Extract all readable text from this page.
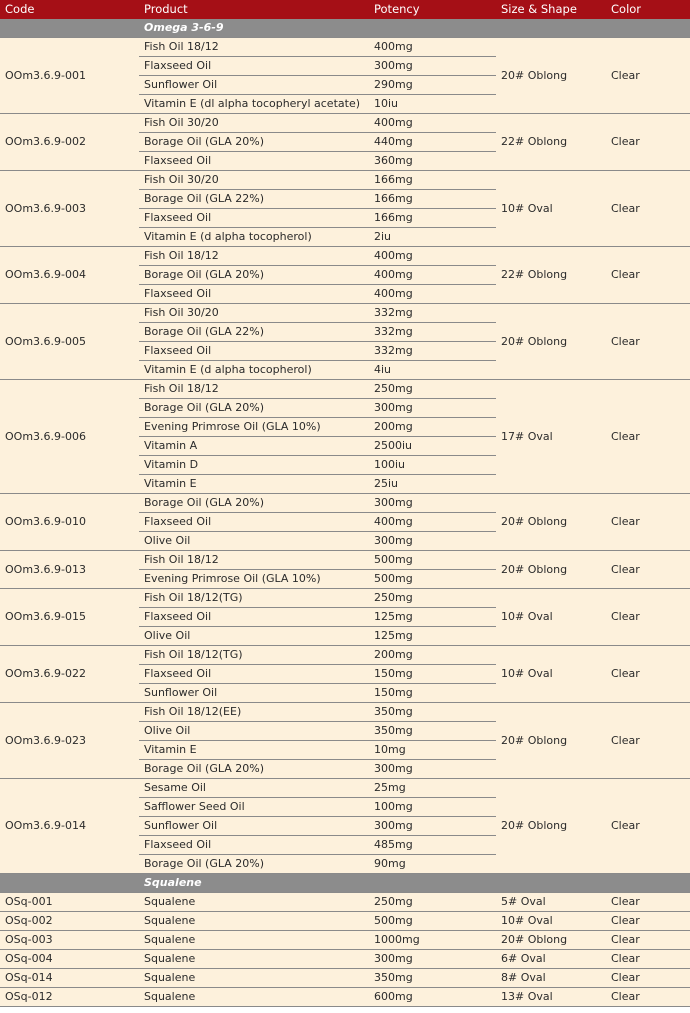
Code	Product	Potency	Size & Shape	Color
	Omega 3-6-9			
OOm3.6.9-001	Fish Oil 18/12	400mg	20# Oblong	Clear
	Flaxseed Oil	300mg		
	Sunflower Oil	290mg		
	Vitamin E (dl alpha tocopheryl acetate)	10iu		
OOm3.6.9-002	Fish Oil 30/20	400mg	22# Oblong	Clear
	Borage Oil (GLA 20%)	440mg		
	Flaxseed Oil	360mg		
OOm3.6.9-003	Fish Oil 30/20	166mg	10# Oval	Clear
	Borage Oil (GLA 22%)	166mg		
	Flaxseed Oil	166mg		
	Vitamin E (d alpha tocopherol)	2iu		
OOm3.6.9-004	Fish Oil 18/12	400mg	22# Oblong	Clear
	Borage Oil (GLA 20%)	400mg		
	Flaxseed Oil	400mg		
OOm3.6.9-005	Fish Oil 30/20	332mg	20# Oblong	Clear
	Borage Oil (GLA 22%)	332mg		
	Flaxseed Oil	332mg		
	Vitamin E (d alpha tocopherol)	4iu		
OOm3.6.9-006	Fish Oil 18/12	250mg	17# Oval	Clear
	Borage Oil (GLA 20%)	300mg		
	Evening Primrose Oil (GLA 10%)	200mg		
	Vitamin A	2500iu		
	Vitamin D	100iu		
	Vitamin E	25iu		
OOm3.6.9-010	Borage Oil (GLA 20%)	300mg	20# Oblong	Clear
	Flaxseed Oil	400mg		
	Olive Oil	300mg		
OOm3.6.9-013	Fish Oil 18/12	500mg	20# Oblong	Clear
	Evening Primrose Oil (GLA 10%)	500mg		
OOm3.6.9-015	Fish Oil 18/12(TG)	250mg	10# Oval	Clear
	Flaxseed Oil	125mg		
	Olive Oil	125mg		
OOm3.6.9-022	Fish Oil 18/12(TG)	200mg	10# Oval	Clear
	Flaxseed Oil	150mg		
	Sunflower Oil	150mg		
OOm3.6.9-023	Fish Oil 18/12(EE)	350mg	20# Oblong	Clear
	Olive Oil	350mg		
	Vitamin E	10mg		
	Borage Oil (GLA 20%)	300mg		
OOm3.6.9-014	Sesame Oil	25mg	20# Oblong	Clear
	Safflower Seed Oil	100mg		
	Sunflower Oil	300mg		
	Flaxseed Oil	485mg		
	Borage Oil (GLA 20%)	90mg		
	Squalene			
OSq-001	Squalene	250mg	5# Oval	Clear
OSq-002	Squalene	500mg	10# Oval	Clear
OSq-003	Squalene	1000mg	20# Oblong	Clear
OSq-004	Squalene	300mg	6# Oval	Clear
OSq-014	Squalene	350mg	8# Oval	Clear
OSq-012	Squalene	600mg	13# Oval	Clear
